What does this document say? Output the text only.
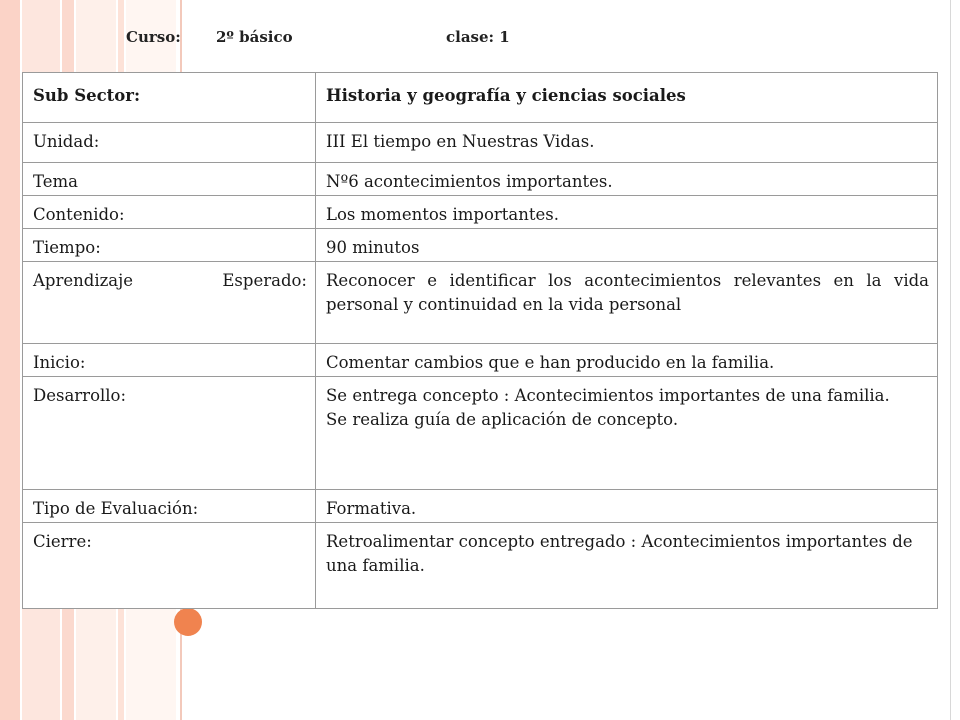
Curso: 2º básico	clase: 1
Sub Sector:	Historia y geografía y ciencias sociales

Unidad:	III El tiempo en Nuestras Vidas.

Tema	Nº6 acontecimientos importantes.

Contenido:	Los momentos importantes.

Tiempo:	90 minutos

Aprendizaje Esperado:	Reconocer e identificar los acontecimientos relevantes en la vida personal y continuidad en la vida personal

Inicio:	Comentar cambios que e han producido en la familia.

Desarrollo:	Se entrega concepto : Acontecimientos importantes de una familia.
Se realiza guía de aplicación de concepto.

Tipo de Evaluación:	Formativa.

Cierre:	Retroalimentar concepto entregado : Acontecimientos importantes de una familia.
